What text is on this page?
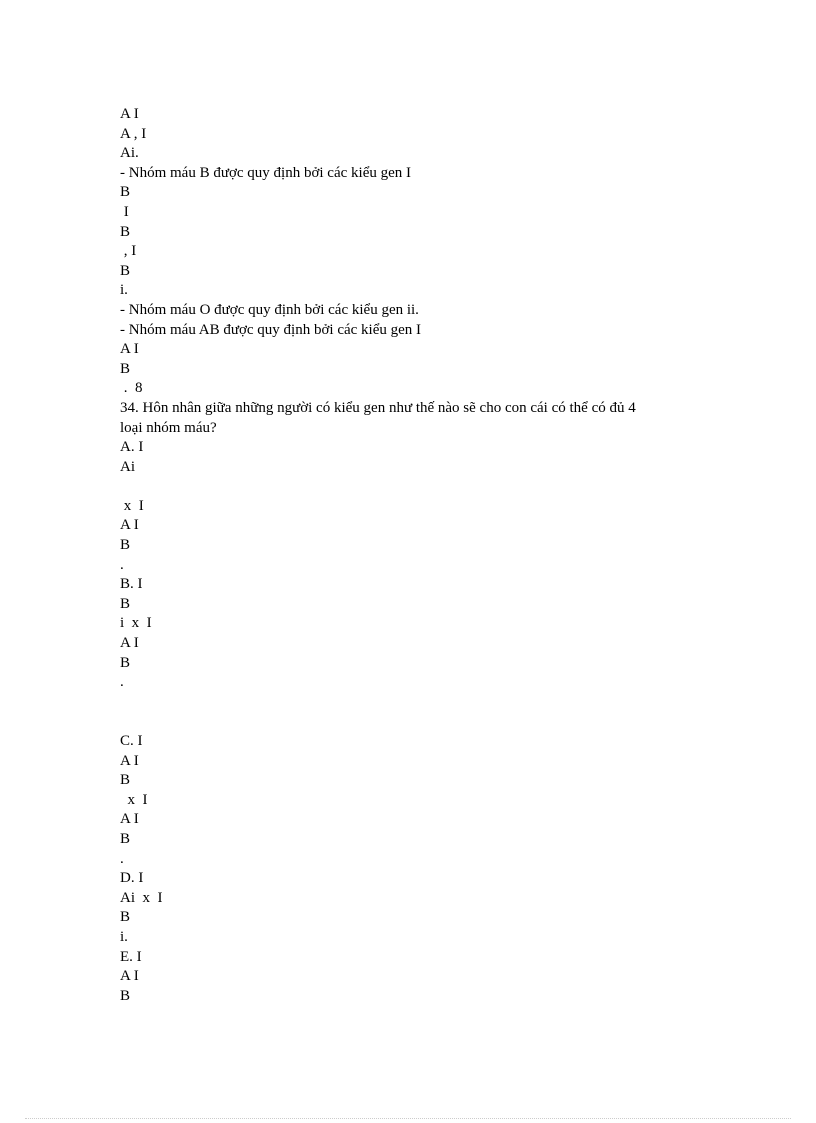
A I
A , I
Ai.
- Nhóm máu B được quy định bởi các kiểu gen I
B
I
B
, I
B
i.
- Nhóm máu O được quy định bởi các kiểu gen ii.
- Nhóm máu AB được quy định bởi các kiểu gen I
A I
B
.  8
34. Hôn nhân giữa những người có kiểu gen như thế nào sẽ cho con cái có thể có đủ 4
loại nhóm máu?
A. I
Ai
x  I
A I
B
.
B. I
B
i  x  I
A I
B
.
C. I
A I
B
x  I
A I
B
.
D. I
Ai  x  I
B
i.
E. I
A I
B
